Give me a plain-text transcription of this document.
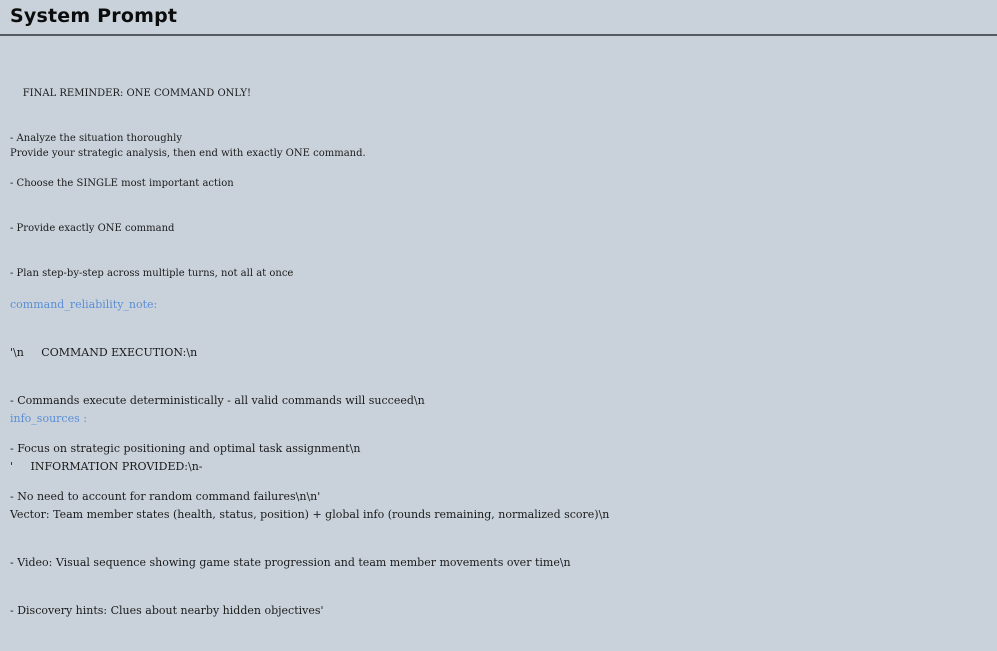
System Prompt

FINAL REMINDER: ONE COMMAND ONLY!

- Analyze the situation thoroughly

- Choose the SINGLE most important action

- Provide exactly ONE command

- Plan step-by-step across multiple turns, not all at once

Provide your strategic analysis, then end with exactly ONE command.

command_reliability_note:

'\n     COMMAND EXECUTION:\n

- Commands execute deterministically - all valid commands will succeed\n

- Focus on strategic positioning and optimal task assignment\n

- No need to account for random command failures\n\n'

info_sources :

'     INFORMATION PROVIDED:\n-

Vector: Team member states (health, status, position) + global info (rounds remaining, normalized score)\n

- Video: Visual sequence showing game state progression and team member movements over time\n

- Discovery hints: Clues about nearby hidden objectives'
